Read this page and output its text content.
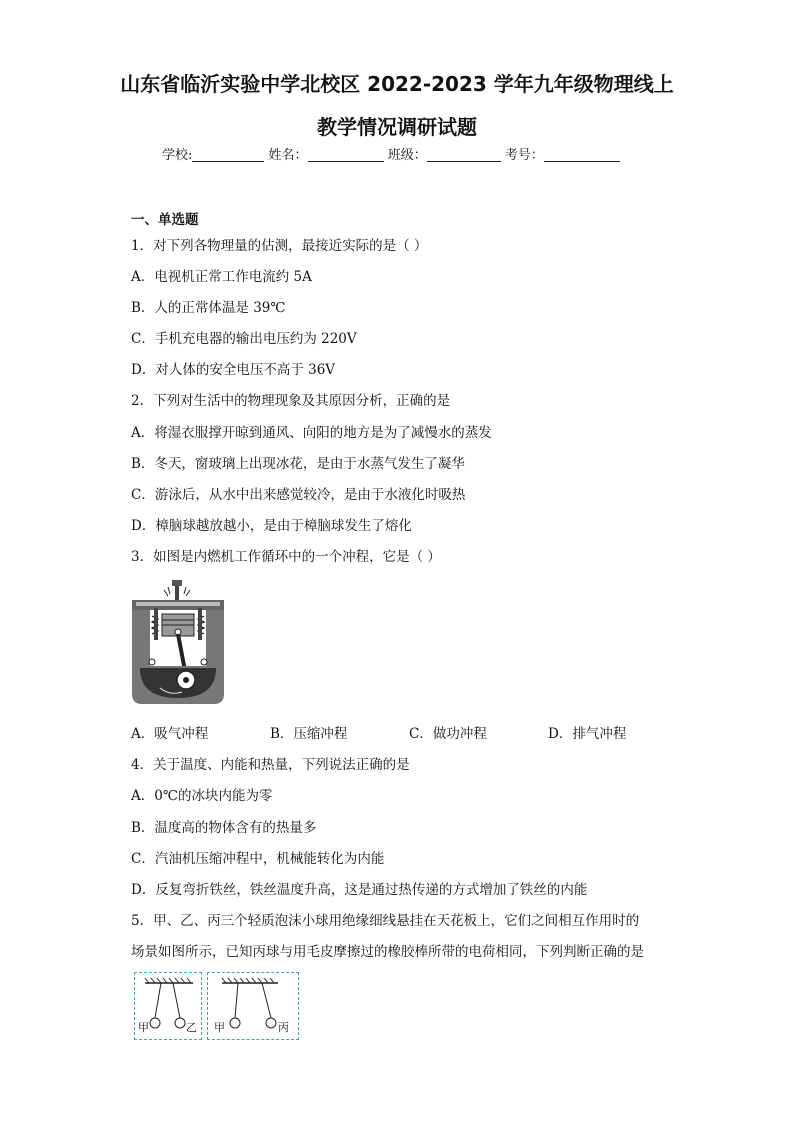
山东省临沂实验中学北校区 2022-2023 学年九年级物理线上
教学情况调研试题
学校:	姓名：	班级：	考号：
一、单选题
1．对下列各物理量的估测，最接近实际的是（ ）
A．电视机正常工作电流约 5A
B．人的正常体温是 39℃
C．手机充电器的输出电压约为 220V
D．对人体的安全电压不高于 36V
2．下列对生活中的物理现象及其原因分析，正确的是
A．将湿衣服撑开晾到通风、向阳的地方是为了减慢水的蒸发
B．冬天，窗玻璃上出现冰花，是由于水蒸气发生了凝华
C．游泳后，从水中出来感觉较冷，是由于水液化时吸热
D．樟脑球越放越小，是由于樟脑球发生了熔化
3．如图是内燃机工作循环中的一个冲程，它是（ ）
A．吸气冲程	B．压缩冲程	C．做功冲程	D．排气冲程
4．关于温度、内能和热量，下列说法正确的是
A．0℃的冰块内能为零
B．温度高的物体含有的热量多
C．汽油机压缩冲程中，机械能转化为内能
D．反复弯折铁丝，铁丝温度升高，这是通过热传递的方式增加了铁丝的内能
5．甲、乙、丙三个轻质泡沫小球用绝缘细线悬挂在天花板上，它们之间相互作用时的
场景如图所示，已知丙球与用毛皮摩擦过的橡胶棒所带的电荷相同，下列判断正确的是
甲	乙 甲	丙
